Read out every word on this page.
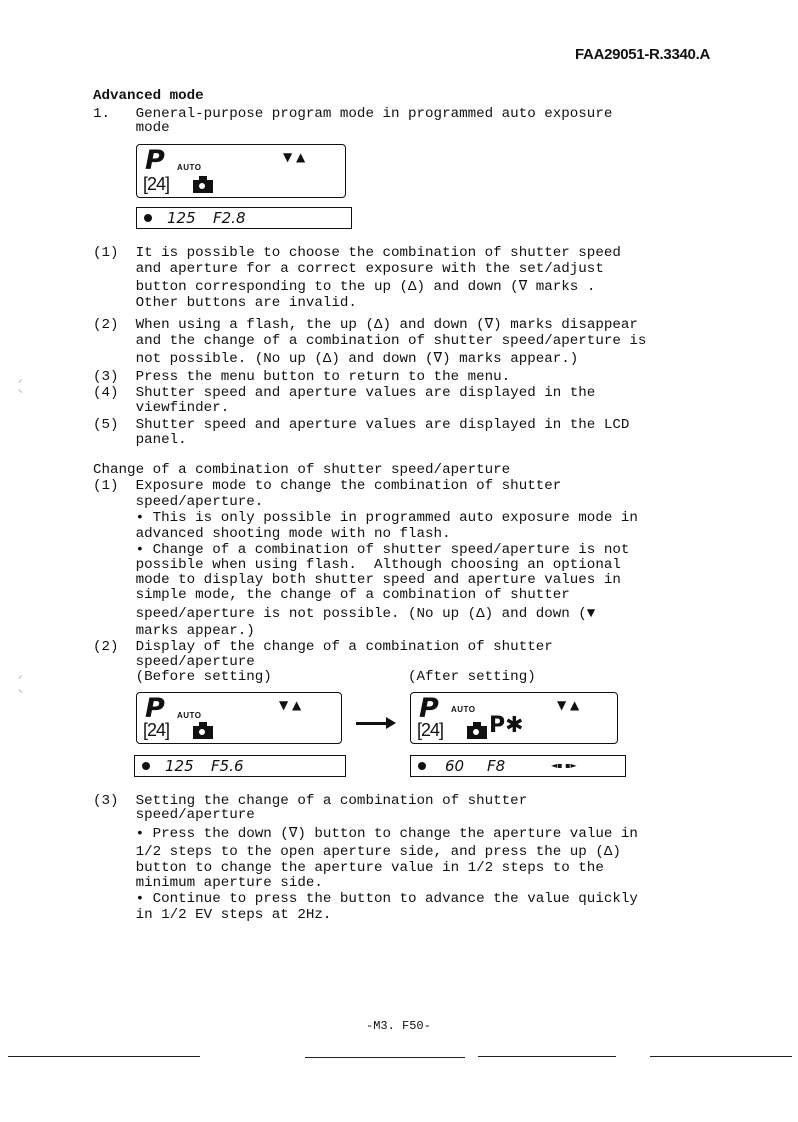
FAA29051-R.3340.A
Advanced mode
1.   General-purpose program mode in programmed auto exposure
mode
P AUTO
▼ ▲
[24]
125 F2.8
(1)  It is possible to choose the combination of shutter speed
and aperture for a correct exposure with the set/adjust
button corresponding to the up (Δ) and down (∇ marks .
Other buttons are invalid.
(2)  When using a flash, the up (Δ) and down (∇) marks disappear
and the change of a combination of shutter speed/aperture is
not possible. (No up (Δ) and down (∇) marks appear.)
(3)  Press the menu button to return to the menu.
(4)  Shutter speed and aperture values are displayed in the
viewfinder.
(5)  Shutter speed and aperture values are displayed in the LCD
panel.
Change of a combination of shutter speed/aperture
(1)  Exposure mode to change the combination of shutter
speed/aperture.
• This is only possible in programmed auto exposure mode in
advanced shooting mode with no flash.
• Change of a combination of shutter speed/aperture is not
possible when using flash.  Although choosing an optional
mode to display both shutter speed and aperture values in
simple mode, the change of a combination of shutter
speed/aperture is not possible. (No up (Δ) and down (▼
marks appear.)
(2)  Display of the change of a combination of shutter
speed/aperture
(Before setting)                (After setting)
P AUTO
▼ ▲
[24]
P AUTO	▼ ▲
[24] P✱
125 F5.6	60 F8	◄▪ ▪►
(3)  Setting the change of a combination of shutter
speed/aperture
• Press the down (∇) button to change the aperture value in
1/2 steps to the open aperture side, and press the up (Δ)
button to change the aperture value in 1/2 steps to the
minimum aperture side.
• Continue to press the button to advance the value quickly
in 1/2 EV steps at 2Hz.
-M3. F50-
⸝
⸜
⸝
⸜
